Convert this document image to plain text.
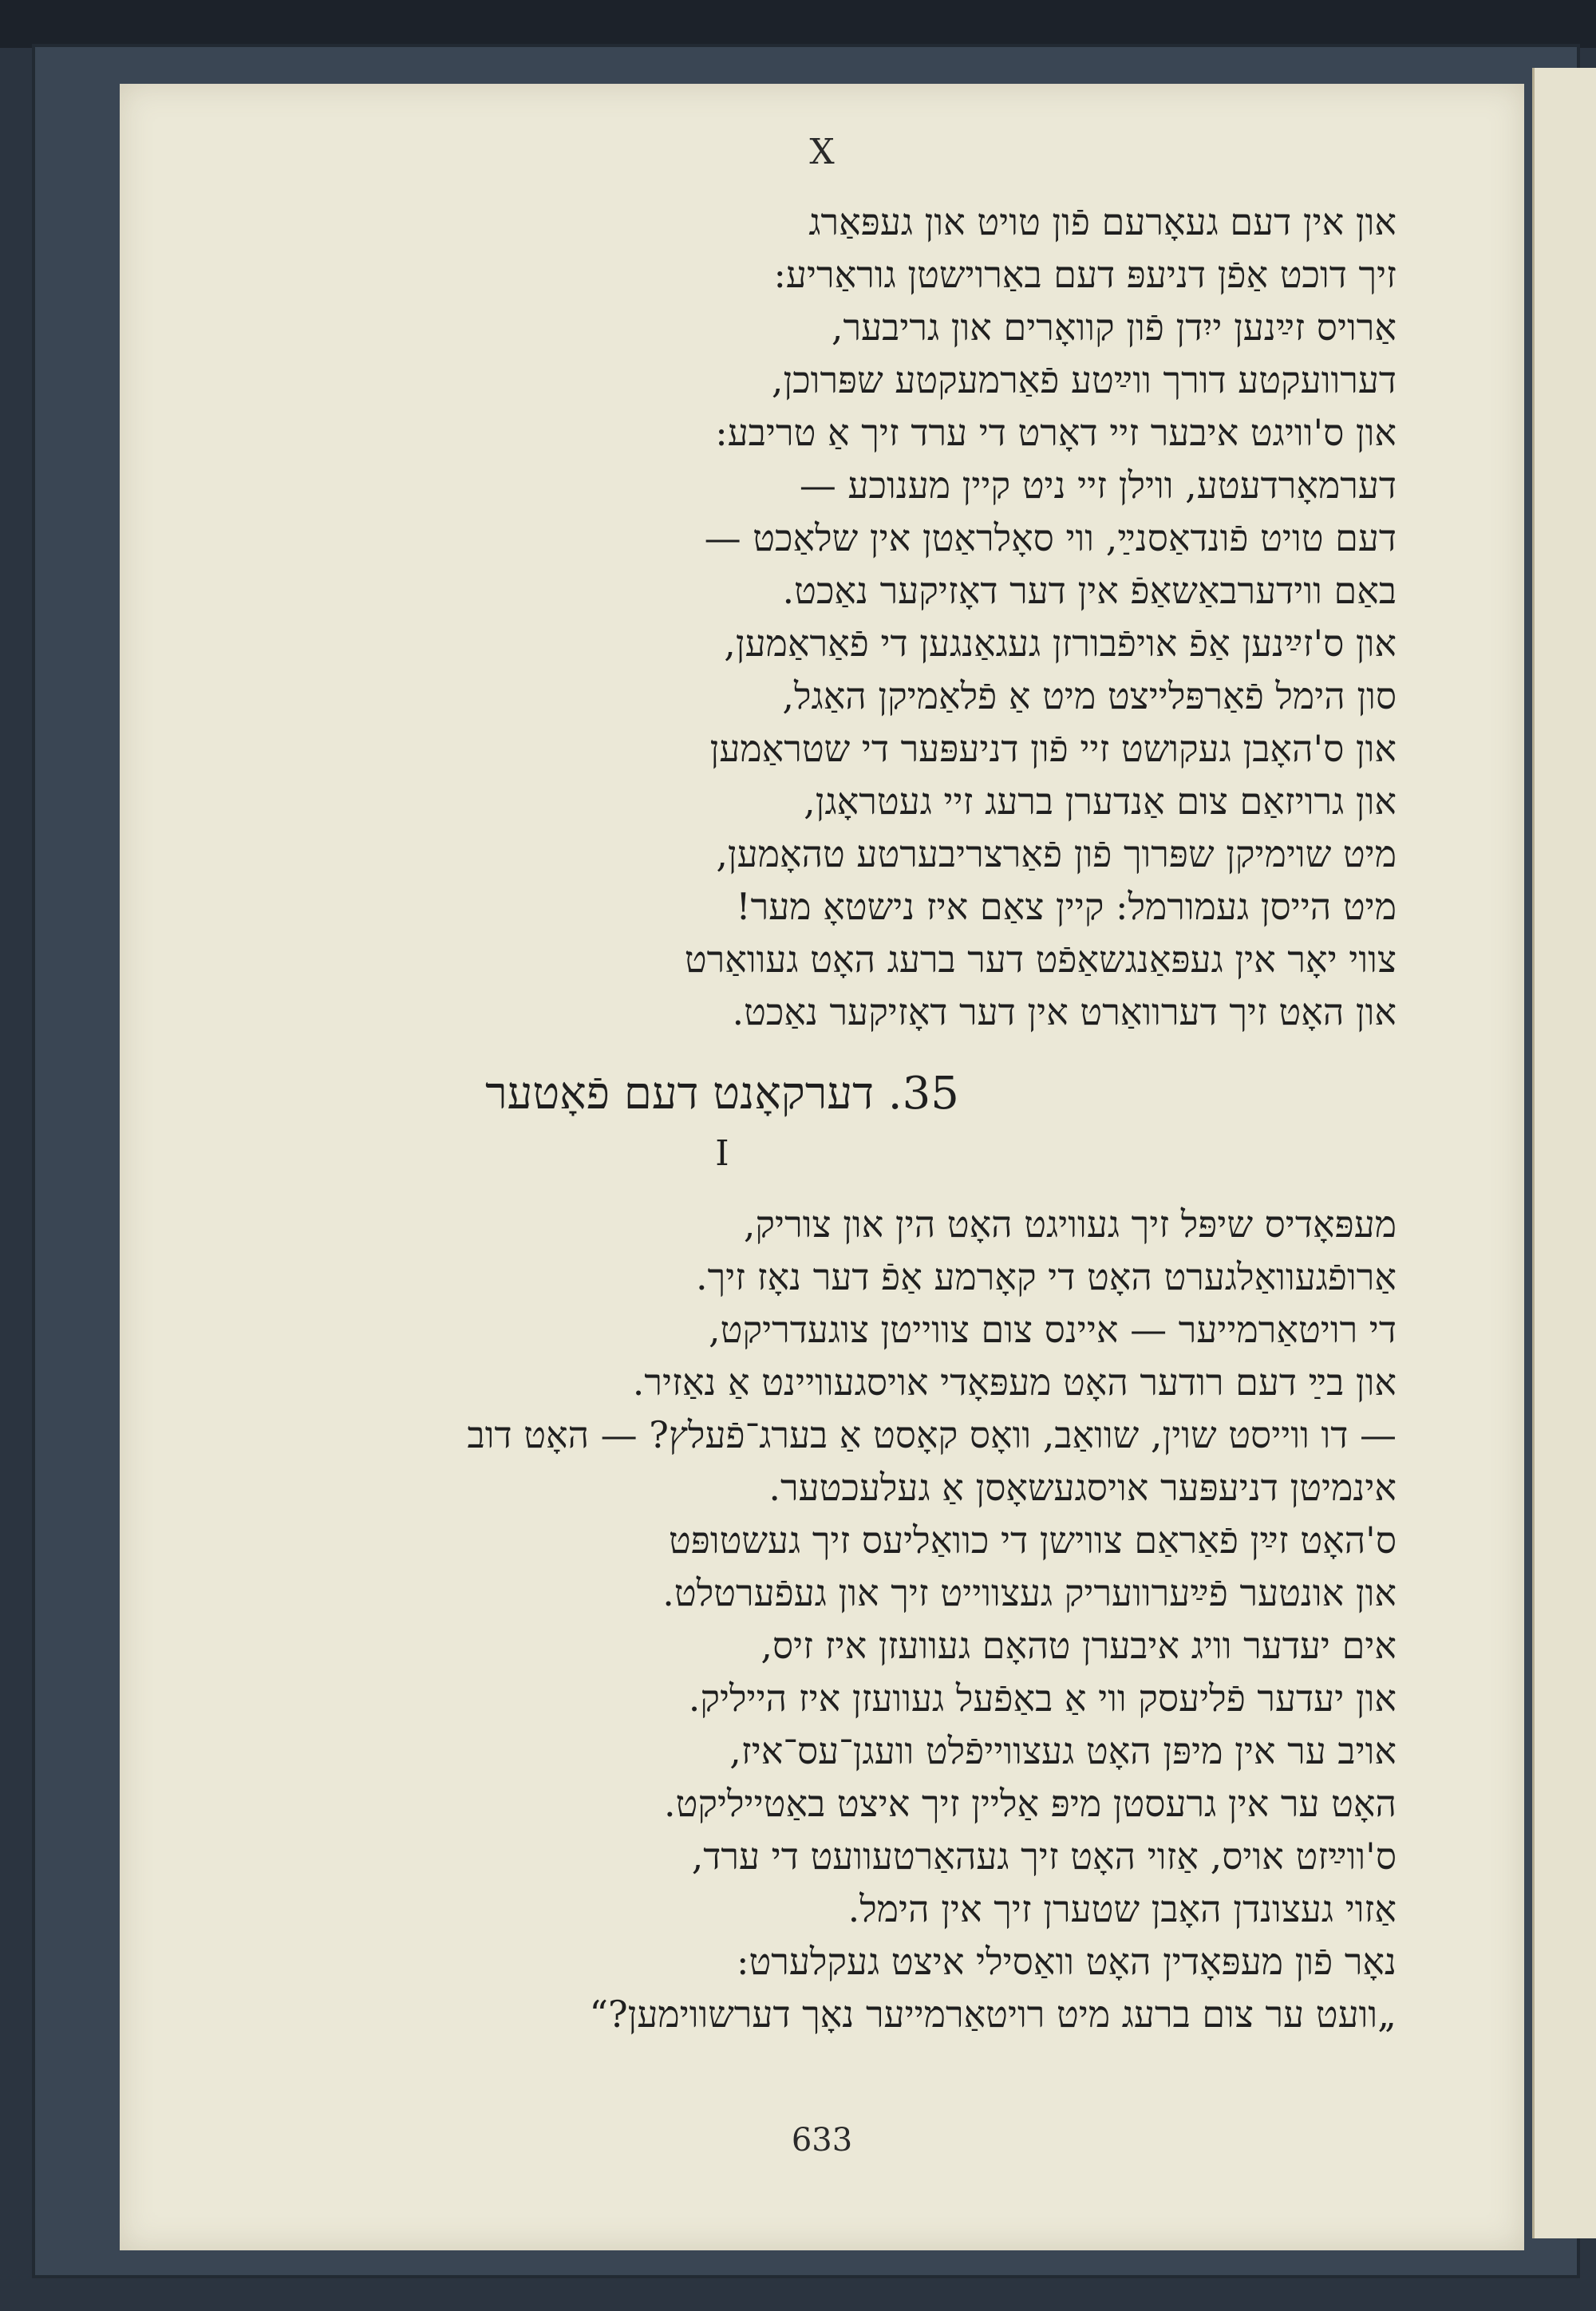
X
און אין דעם געאָרעם פֿון טויט און געפּאַרג
זיך דוכט אַפֿן דניעפּ דעם באַרוישטן גוראַריע:
אַרויס זײַנען ייִדן פֿון קוואָרים און גריבער,
דערוועקטע דורך ווײַטע פֿאַרמעקטע שפּרוכן,
און ס'וויגט איבער זיי דאָרט די ערד זיך אַ טריבע:
דערמאָרדעטע, ווילן זיי ניט קיין מענוכע —
דעם טויט פֿונדאַסנײַ, ווי סאָלראַטן אין שלאַכט —
באַם ווידערבאַשאַפֿ אין דער דאָזיקער נאַכט.
און ס'זײַנען אַפֿ אויפֿבורזן געגאַנגען די פֿאַראַמען,
סון הימל פֿאַרפּלייצט מיט אַ פֿלאַמיקן האַגל,
און ס'האָבן געקושט זיי פֿון דניעפּער די שטראַמען
און גרויזאַם צום אַנדערן ברעג זיי געטראָגן,
מיט שוימיקן שפּרוך פֿון פֿאַרצריבערטע טהאָמען,
מיט הייסן געמורמל: קיין צאַם איז נישטאָ מער!
צווי יאָר אין געפּאַנגשאַפֿט דער ברעג האָט געוואַרט
און האָט זיך דערוואַרט אין דער דאָזיקער נאַכט.
35. דערקאָנט דעם פֿאָטער
I
מעפּאָדיס שיפּל זיך געוויגט האָט הין און צוריק,
אַרופֿגעוואַלגערט האָט די קאָרמע אַפֿ דער נאָז זיך.
די רויטאַרמייער — איינס צום צווייטן צוגעדריקט,
און בײַ דעם רודער האָט מעפּאָדי אויסגעוויינט אַ נאַזיר.
— דו ווייסט שוין, שוואַב, וואָס קאָסט אַ בערג־פֿעלץ? — האָט דוב
אינמיטן דניעפּער אויסגעשאָסן אַ געלעכטער.
ס'האָט זײַן פֿאַראַם צווישן די כוואַליעס זיך געשטופּט
און אונטער פֿײַערוועריק געצווייט זיך און געפֿערטלט.
אים יעדער וויג איבערן טהאָם געוועזן איז זיס,
און יעדער פֿליעסק ווי אַ באַפֿעל געוועזן איז הייליק.
אויב ער אין מיפּן האָט געצווייפֿלט וועגן־עס־איז,
האָט ער אין גרעסטן מיפּ אַליין זיך איצט באַטייליקט.
ס'ווײַזט אויס, אַזוי האָט זיך געהאַרטעוועט די ערד,
אַזוי געצונדן האָבן שטערן זיך אין הימל.
נאָר פֿון מעפּאָדין האָט וואַסילי איצט געקלערט:
„וועט ער צום ברעג מיט רויטאַרמייער נאָך דערשווימען?“
633
